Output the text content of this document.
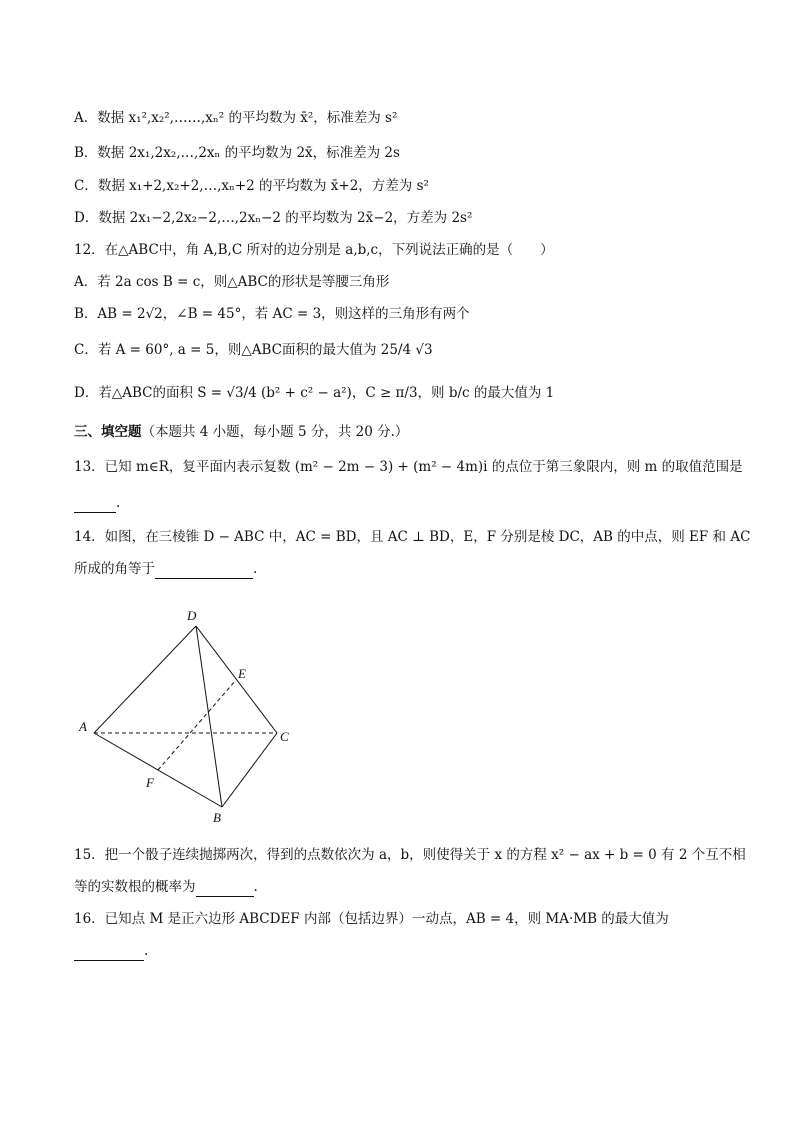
A．数据 x₁²,x₂²,……,xₙ² 的平均数为 x̄²，标准差为 s²
B．数据 2x₁,2x₂,…,2xₙ 的平均数为 2x̄，标准差为 2s
C．数据 x₁+2,x₂+2,…,xₙ+2 的平均数为 x̄+2，方差为 s²
D．数据 2x₁−2,2x₂−2,…,2xₙ−2 的平均数为 2x̄−2，方差为 2s²
12．在△ABC中，角 A,B,C 所对的边分别是 a,b,c，下列说法正确的是（　　）
A．若 2a cos B = c，则△ABC的形状是等腰三角形
B．AB = 2√2，∠B = 45°，若 AC = 3，则这样的三角形有两个
C．若 A = 60°, a = 5，则△ABC面积的最大值为 25/4 √3
D．若△ABC的面积 S = √3/4 (b² + c² − a²)，C ≥ π/3，则 b/c 的最大值为 1
三、填空题（本题共 4 小题，每小题 5 分，共 20 分.）
13．已知 m∈R，复平面内表示复数 (m² − 2m − 3) + (m² − 4m)i 的点位于第三象限内，则 m 的取值范围是
.
14．如图，在三棱锥 D − ABC 中，AC = BD，且 AC ⊥ BD，E，F 分别是棱 DC，AB 的中点，则 EF 和 AC
所成的角等于	.
D
E
A
C
F
B
15．把一个骰子连续抛掷两次，得到的点数依次为 a，b，则使得关于 x 的方程 x² − ax + b = 0 有 2 个互不相
等的实数根的概率为	.
16．已知点 M 是正六边形 ABCDEF 内部（包括边界）一动点，AB = 4，则 MA·MB 的最大值为
.
